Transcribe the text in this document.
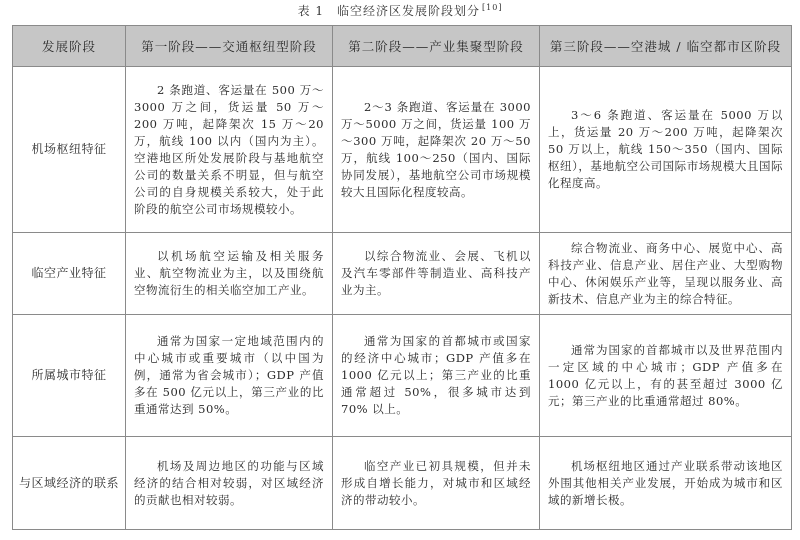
表 1　临空经济区发展阶段划分 [10]
发展阶段	第一阶段——交通枢纽型阶段	第二阶段——产业集聚型阶段	第三阶段——空港城 / 临空都市区阶段
机场枢纽特征	2 条跑道、客运量在 500 万～3000 万之间，货运量 50 万～200 万吨，起降架次 15 万～20 万，航线 100 以内（国内为主）。空港地区所处发展阶段与基地航空公司的数量关系不明显，但与航空公司的自身规模关系较大，处于此阶段的航空公司市场规模较小。	2～3 条跑道、客运量在 3000 万～5000 万之间，货运量 100 万～300 万吨，起降架次 20 万～50 万，航线 100～250（国内、国际协同发展），基地航空公司市场规模较大且国际化程度较高。	3～6 条跑道、客运量在 5000 万以上，货运量 20 万～200 万吨，起降架次 50 万以上，航线 150～350（国内、国际枢纽），基地航空公司国际市场规模大且国际化程度高。
临空产业特征	以机场航空运输及相关服务业、航空物流业为主，以及围绕航空物流衍生的相关临空加工产业。	以综合物流业、会展、飞机以及汽车零部件等制造业、高科技产业为主。	综合物流业、商务中心、展览中心、高科技产业、信息产业、居住产业、大型购物中心、休闲娱乐产业等，呈现以服务业、高新技术、信息产业为主的综合特征。
所属城市特征	通常为国家一定地域范围内的中心城市或重要城市（以中国为例，通常为省会城市）；GDP 产值多在 500 亿元以上，第三产业的比重通常达到 50%。	通常为国家的首都城市或国家的经济中心城市；GDP 产值多在 1000 亿元以上；第三产业的比重通常超过 50%，很多城市达到 70% 以上。	通常为国家的首都城市以及世界范围内一定区域的中心城市；GDP 产值多在 1000 亿元以上，有的甚至超过 3000 亿元；第三产业的比重通常超过 80%。
与区域经济的联系	机场及周边地区的功能与区域经济的结合相对较弱，对区域经济的贡献也相对较弱。	临空产业已初具规模，但并未形成自增长能力，对城市和区域经济的带动较小。	机场枢纽地区通过产业联系带动该地区外围其他相关产业发展，开始成为城市和区域的新增长极。
